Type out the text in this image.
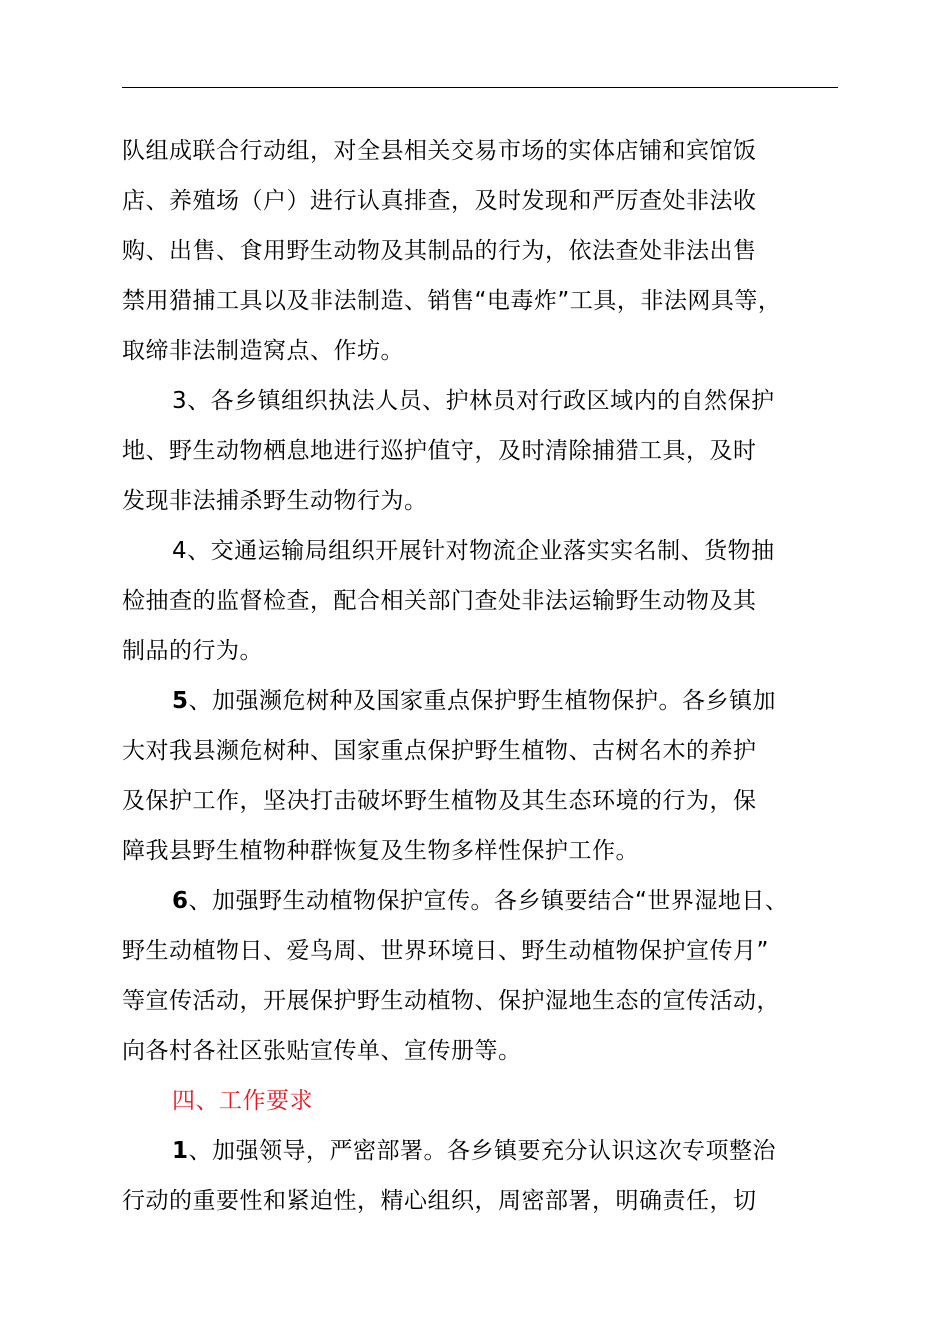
队组成联合行动组，对全县相关交易市场的实体店铺和宾馆饭
店、养殖场（户）进行认真排查，及时发现和严厉查处非法收
购、出售、食用野生动物及其制品的行为，依法查处非法出售
禁用猎捕工具以及非法制造、销售“电毒炸”工具，非法网具等，
取缔非法制造窝点、作坊。
3、各乡镇组织执法人员、护林员对行政区域内的自然保护
地、野生动物栖息地进行巡护值守，及时清除捕猎工具，及时
发现非法捕杀野生动物行为。
4、交通运输局组织开展针对物流企业落实实名制、货物抽
检抽查的监督检查，配合相关部门查处非法运输野生动物及其
制品的行为。
5、加强濒危树种及国家重点保护野生植物保护。各乡镇加
大对我县濒危树种、国家重点保护野生植物、古树名木的养护
及保护工作，坚决打击破坏野生植物及其生态环境的行为，保
障我县野生植物种群恢复及生物多样性保护工作。
6、加强野生动植物保护宣传。各乡镇要结合“世界湿地日、
野生动植物日、爱鸟周、世界环境日、野生动植物保护宣传月”
等宣传活动，开展保护野生动植物、保护湿地生态的宣传活动，
向各村各社区张贴宣传单、宣传册等。
四、工作要求
1、加强领导，严密部署。各乡镇要充分认识这次专项整治
行动的重要性和紧迫性，精心组织，周密部署，明确责任，切
